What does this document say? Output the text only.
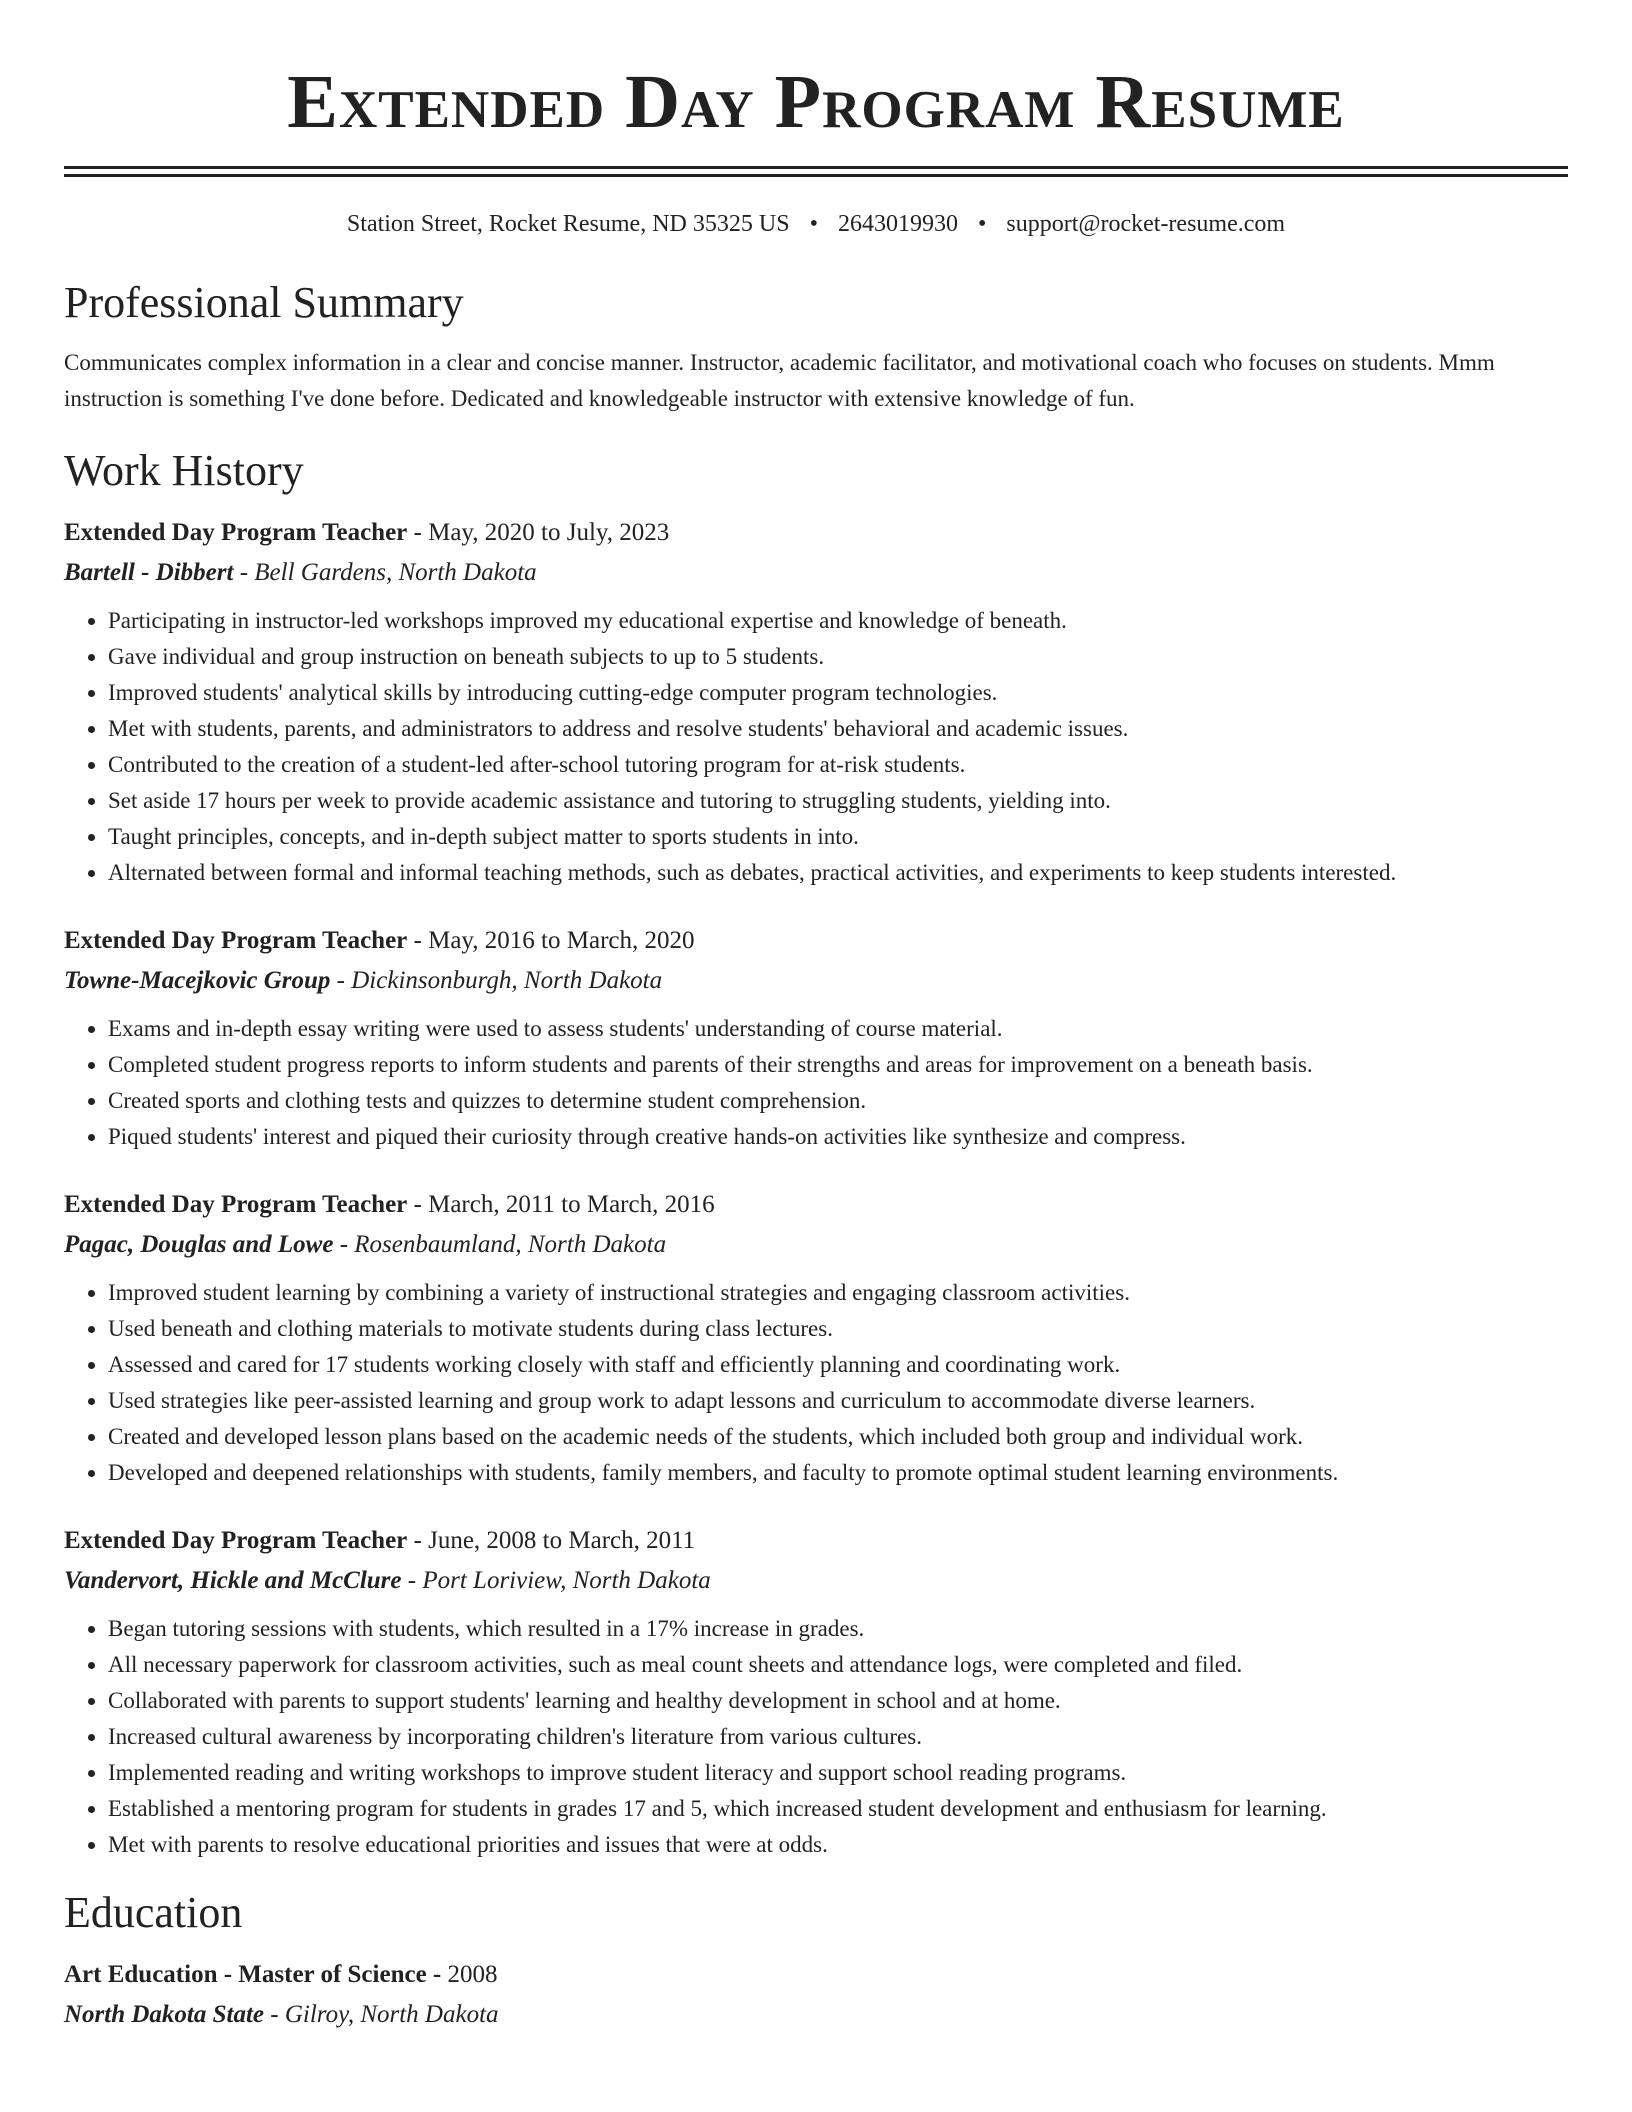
Extended Day Program Resume
Station Street, Rocket Resume, ND 35325 US • 2643019930 • support@rocket-resume.com
Professional Summary

Communicates complex information in a clear and concise manner. Instructor, academic facilitator, and motivational coach who focuses on students. Mmm instruction is something I've done before. Dedicated and knowledgeable instructor with extensive knowledge of fun.

Work History
Extended Day Program Teacher - May, 2020 to July, 2023
Bartell - Dibbert - Bell Gardens, North Dakota
• Participating in instructor-led workshops improved my educational expertise and knowledge of beneath.
• Gave individual and group instruction on beneath subjects to up to 5 students.
• Improved students' analytical skills by introducing cutting-edge computer program technologies.
• Met with students, parents, and administrators to address and resolve students' behavioral and academic issues.
• Contributed to the creation of a student-led after-school tutoring program for at-risk students.
• Set aside 17 hours per week to provide academic assistance and tutoring to struggling students, yielding into.
• Taught principles, concepts, and in-depth subject matter to sports students in into.
• Alternated between formal and informal teaching methods, such as debates, practical activities, and experiments to keep students interested.
Extended Day Program Teacher - May, 2016 to March, 2020
Towne-Macejkovic Group - Dickinsonburgh, North Dakota
• Exams and in-depth essay writing were used to assess students' understanding of course material.
• Completed student progress reports to inform students and parents of their strengths and areas for improvement on a beneath basis.
• Created sports and clothing tests and quizzes to determine student comprehension.
• Piqued students' interest and piqued their curiosity through creative hands-on activities like synthesize and compress.
Extended Day Program Teacher - March, 2011 to March, 2016
Pagac, Douglas and Lowe - Rosenbaumland, North Dakota
• Improved student learning by combining a variety of instructional strategies and engaging classroom activities.
• Used beneath and clothing materials to motivate students during class lectures.
• Assessed and cared for 17 students working closely with staff and efficiently planning and coordinating work.
• Used strategies like peer-assisted learning and group work to adapt lessons and curriculum to accommodate diverse learners.
• Created and developed lesson plans based on the academic needs of the students, which included both group and individual work.
• Developed and deepened relationships with students, family members, and faculty to promote optimal student learning environments.
Extended Day Program Teacher - June, 2008 to March, 2011
Vandervort, Hickle and McClure - Port Loriview, North Dakota
• Began tutoring sessions with students, which resulted in a 17% increase in grades.
• All necessary paperwork for classroom activities, such as meal count sheets and attendance logs, were completed and filed.
• Collaborated with parents to support students' learning and healthy development in school and at home.
• Increased cultural awareness by incorporating children's literature from various cultures.
• Implemented reading and writing workshops to improve student literacy and support school reading programs.
• Established a mentoring program for students in grades 17 and 5, which increased student development and enthusiasm for learning.
• Met with parents to resolve educational priorities and issues that were at odds.
Education
Art Education - Master of Science - 2008
North Dakota State - Gilroy, North Dakota
